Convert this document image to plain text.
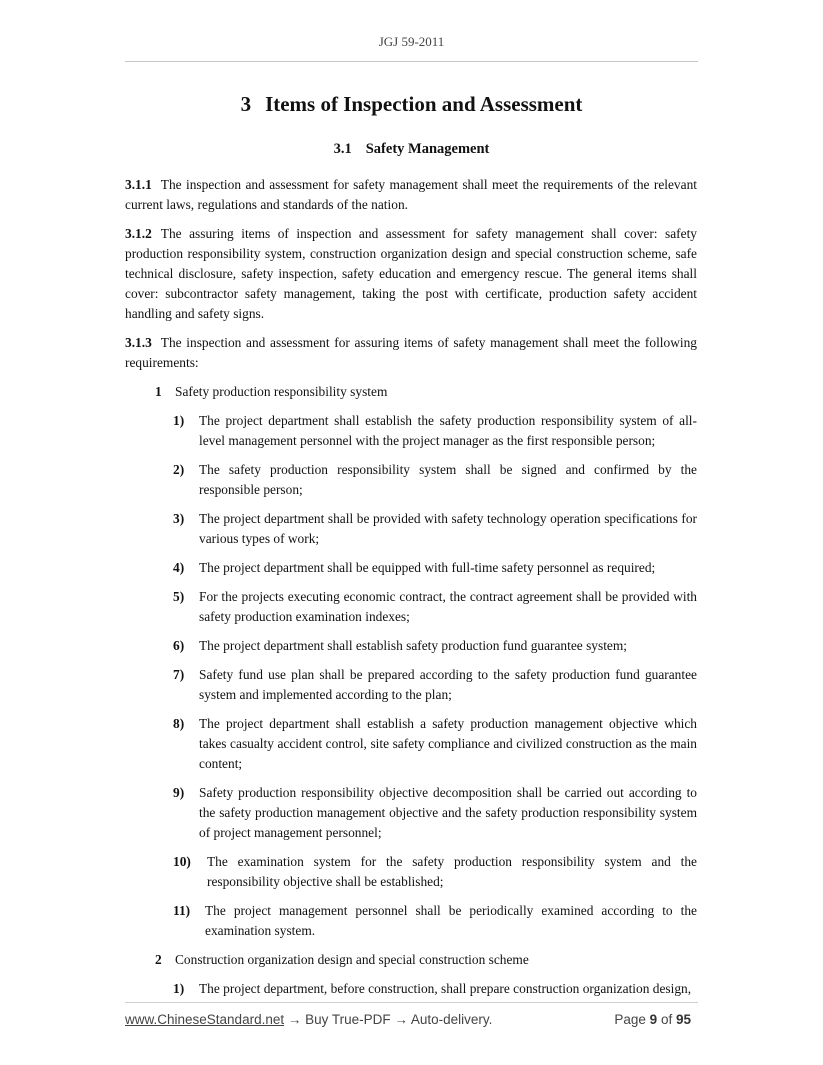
JGJ 59-2011
3 Items of Inspection and Assessment
3.1 Safety Management

3.1.1 The inspection and assessment for safety management shall meet the requirements of the relevant current laws, regulations and standards of the nation.

3.1.2 The assuring items of inspection and assessment for safety management shall cover: safety production responsibility system, construction organization design and special construction scheme, safe technical disclosure, safety inspection, safety education and emergency rescue. The general items shall cover: subcontractor safety management, taking the post with certificate, production safety accident handling and safety signs.

3.1.3 The inspection and assessment for assuring items of safety management shall meet the following requirements:

1 Safety production responsibility system
1) The project department shall establish the safety production responsibility system of all-level management personnel with the project manager as the first responsible person;
2) The safety production responsibility system shall be signed and confirmed by the responsible person;
3) The project department shall be provided with safety technology operation specifications for various types of work;
4) The project department shall be equipped with full-time safety personnel as required;
5) For the projects executing economic contract, the contract agreement shall be provided with safety production examination indexes;
6) The project department shall establish safety production fund guarantee system;
7) Safety fund use plan shall be prepared according to the safety production fund guarantee system and implemented according to the plan;
8) The project department shall establish a safety production management objective which takes casualty accident control, site safety compliance and civilized construction as the main content;
9) Safety production responsibility objective decomposition shall be carried out according to the safety production management objective and the safety production responsibility system of project management personnel;
10) The examination system for the safety production responsibility system and the responsibility objective shall be established;
11) The project management personnel shall be periodically examined according to the examination system.
2 Construction organization design and special construction scheme
1) The project department, before construction, shall prepare construction organization design,
www.ChineseStandard.net → Buy True-PDF → Auto-delivery.	Page 9 of 95
